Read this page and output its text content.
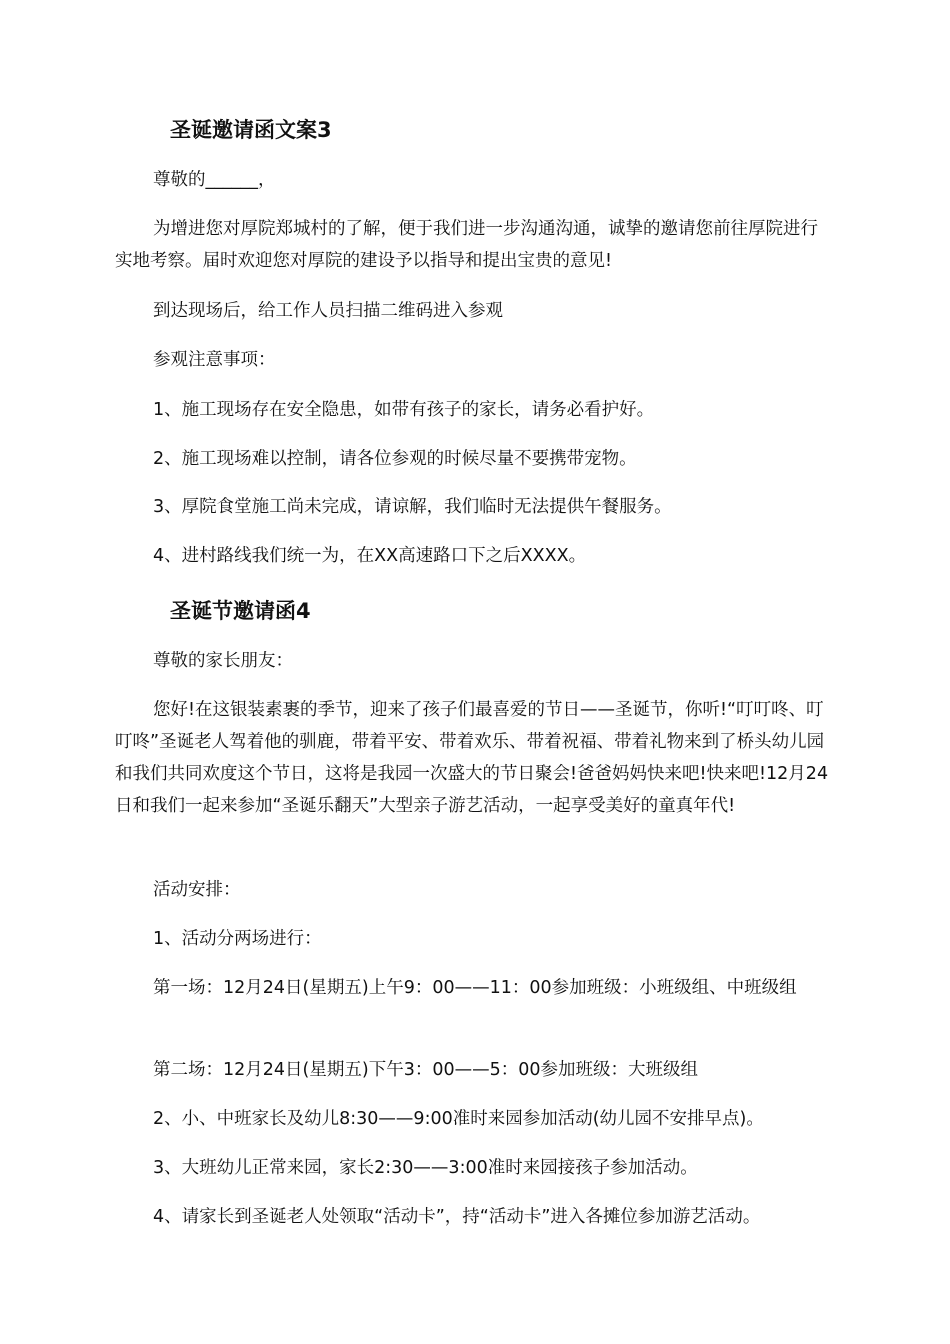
圣诞邀请函文案3

尊敬的______，

为增进您对厚院郑城村的了解，便于我们进一步沟通沟通，诚挚的邀请您前往厚院进行实地考察。届时欢迎您对厚院的建设予以指导和提出宝贵的意见!

到达现场后，给工作人员扫描二维码进入参观

参观注意事项：

1、施工现场存在安全隐患，如带有孩子的家长，请务必看护好。

2、施工现场难以控制，请各位参观的时候尽量不要携带宠物。

3、厚院食堂施工尚未完成，请谅解，我们临时无法提供午餐服务。

4、进村路线我们统一为，在XX高速路口下之后XXXX。

圣诞节邀请函4

尊敬的家长朋友：

您好!在这银装素裹的季节，迎来了孩子们最喜爱的节日——圣诞节，你听!“叮叮咚、叮叮咚”圣诞老人驾着他的驯鹿，带着平安、带着欢乐、带着祝福、带着礼物来到了桥头幼儿园和我们共同欢度这个节日，这将是我园一次盛大的节日聚会!爸爸妈妈快来吧!快来吧!12月24日和我们一起来参加“圣诞乐翻天”大型亲子游艺活动，一起享受美好的童真年代!

活动安排：

1、活动分两场进行：

第一场：12月24日(星期五)上午9：00——11：00参加班级：小班级组、中班级组

第二场：12月24日(星期五)下午3：00——5：00参加班级：大班级组

2、小、中班家长及幼儿8:30——9:00准时来园参加活动(幼儿园不安排早点)。

3、大班幼儿正常来园，家长2:30——3:00准时来园接孩子参加活动。

4、请家长到圣诞老人处领取“活动卡”，持“活动卡”进入各摊位参加游艺活动。
